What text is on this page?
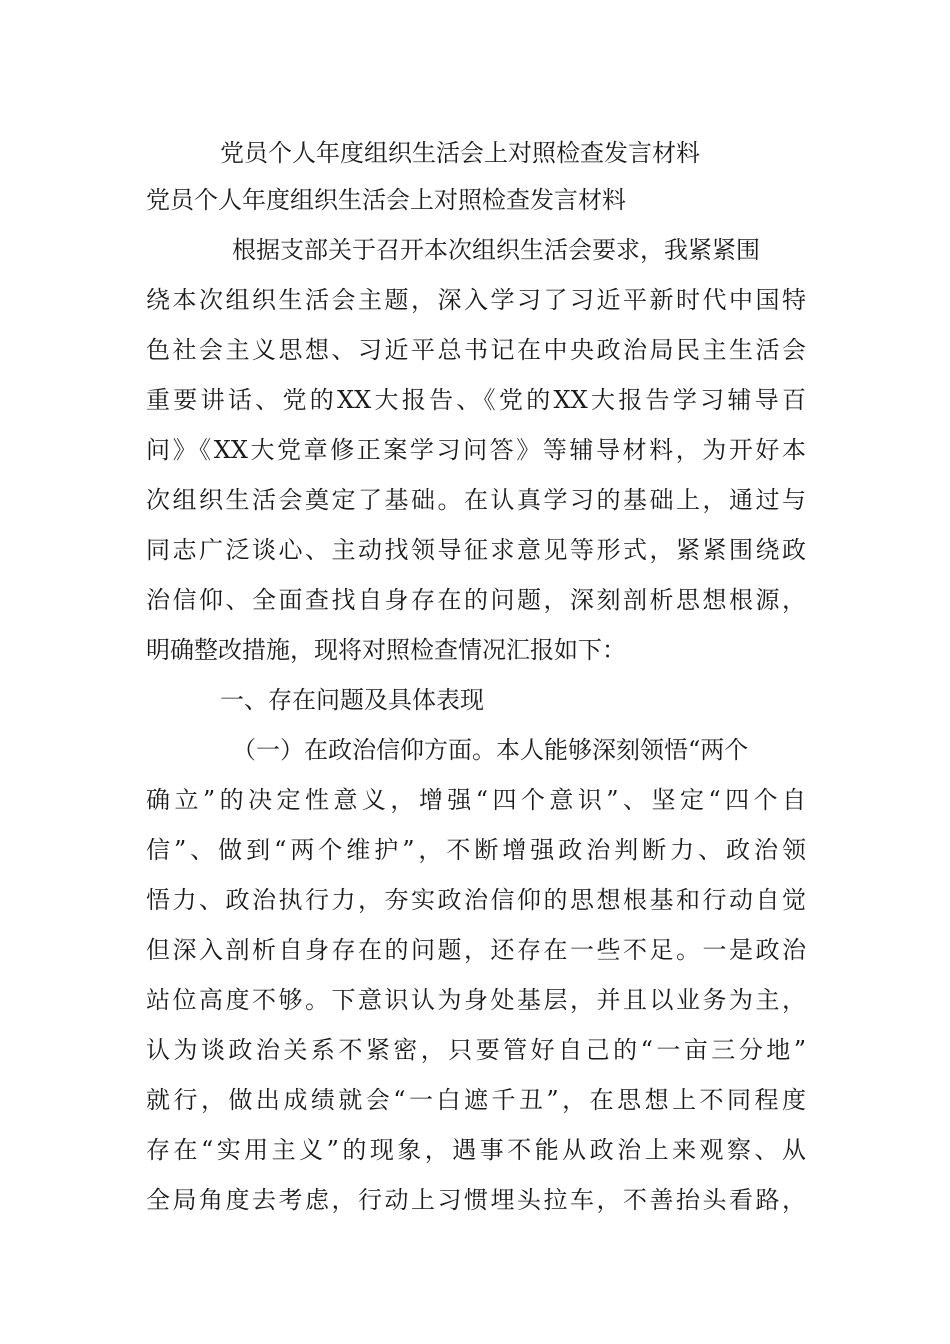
党员个人年度组织生活会上对照检查发言材料
党员个人年度组织生活会上对照检查发言材料
根据支部关于召开本次组织生活会要求，我紧紧围
绕本次组织生活会主题，深入学习了习近平新时代中国特
色社会主义思想、习近平总书记在中央政治局民主生活会
重要讲话、党的XX大报告、《党的XX大报告学习辅导百
问》《XX大党章修正案学习问答》等辅导材料，为开好本
次组织生活会奠定了基础。在认真学习的基础上，通过与
同志广泛谈心、主动找领导征求意见等形式，紧紧围绕政
治信仰、全面查找自身存在的问题，深刻剖析思想根源，
明确整改措施，现将对照检查情况汇报如下：
一、存在问题及具体表现
（一）在政治信仰方面。本人能够深刻领悟“两个
确立”的决定性意义，增强“四个意识”、坚定“四个自
信”、做到“两个维护”，不断增强政治判断力、政治领
悟力、政治执行力，夯实政治信仰的思想根基和行动自觉
但深入剖析自身存在的问题，还存在一些不足。一是政治
站位高度不够。下意识认为身处基层，并且以业务为主，
认为谈政治关系不紧密，只要管好自己的“一亩三分地”
就行，做出成绩就会“一白遮千丑”，在思想上不同程度
存在“实用主义”的现象，遇事不能从政治上来观察、从
全局角度去考虑，行动上习惯埋头拉车，不善抬头看路，
